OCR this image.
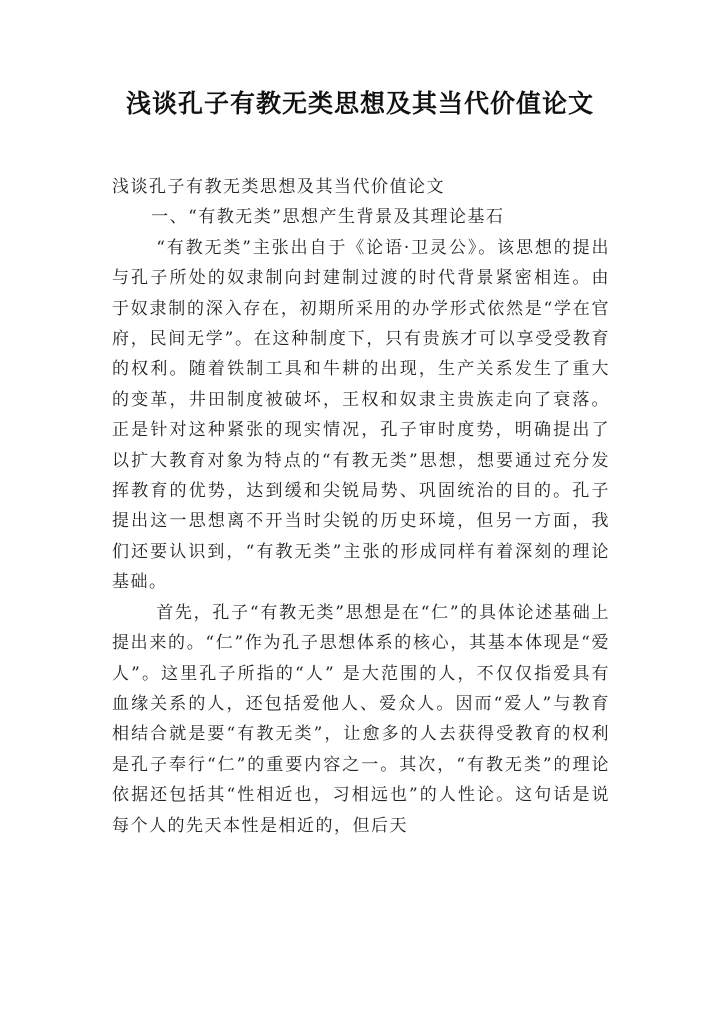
浅谈孔子有教无类思想及其当代价值论文

浅谈孔子有教无类思想及其当代价值论文

一、“有教无类”思想产生背景及其理论基石

“有教无类”主张出自于《论语·卫灵公》。该思想的提出与孔子所处的奴隶制向封建制过渡的时代背景紧密相连。由于奴隶制的深入存在，初期所采用的办学形式依然是“学在官府，民间无学”。在这种制度下，只有贵族才可以享受受教育的权利。随着铁制工具和牛耕的出现，生产关系发生了重大的变革，井田制度被破坏，王权和奴隶主贵族走向了衰落。正是针对这种紧张的现实情况，孔子审时度势，明确提出了以扩大教育对象为特点的“有教无类”思想，想要通过充分发挥教育的优势，达到缓和尖锐局势、巩固统治的目的。孔子提出这一思想离不开当时尖锐的历史环境，但另一方面，我们还要认识到，“有教无类”主张的形成同样有着深刻的理论基础。

首先，孔子“有教无类”思想是在“仁”的具体论述基础上提出来的。“仁”作为孔子思想体系的核心，其基本体现是“爱人”。这里孔子所指的“人” 是大范围的人，不仅仅指爱具有血缘关系的人，还包括爱他人、爱众人。因而“爱人”与教育相结合就是要“有教无类”，让愈多的人去获得受教育的权利是孔子奉行“仁”的重要内容之一。其次，“有教无类”的理论依据还包括其“性相近也，习相远也”的人性论。这句话是说每个人的先天本性是相近的，但后天
